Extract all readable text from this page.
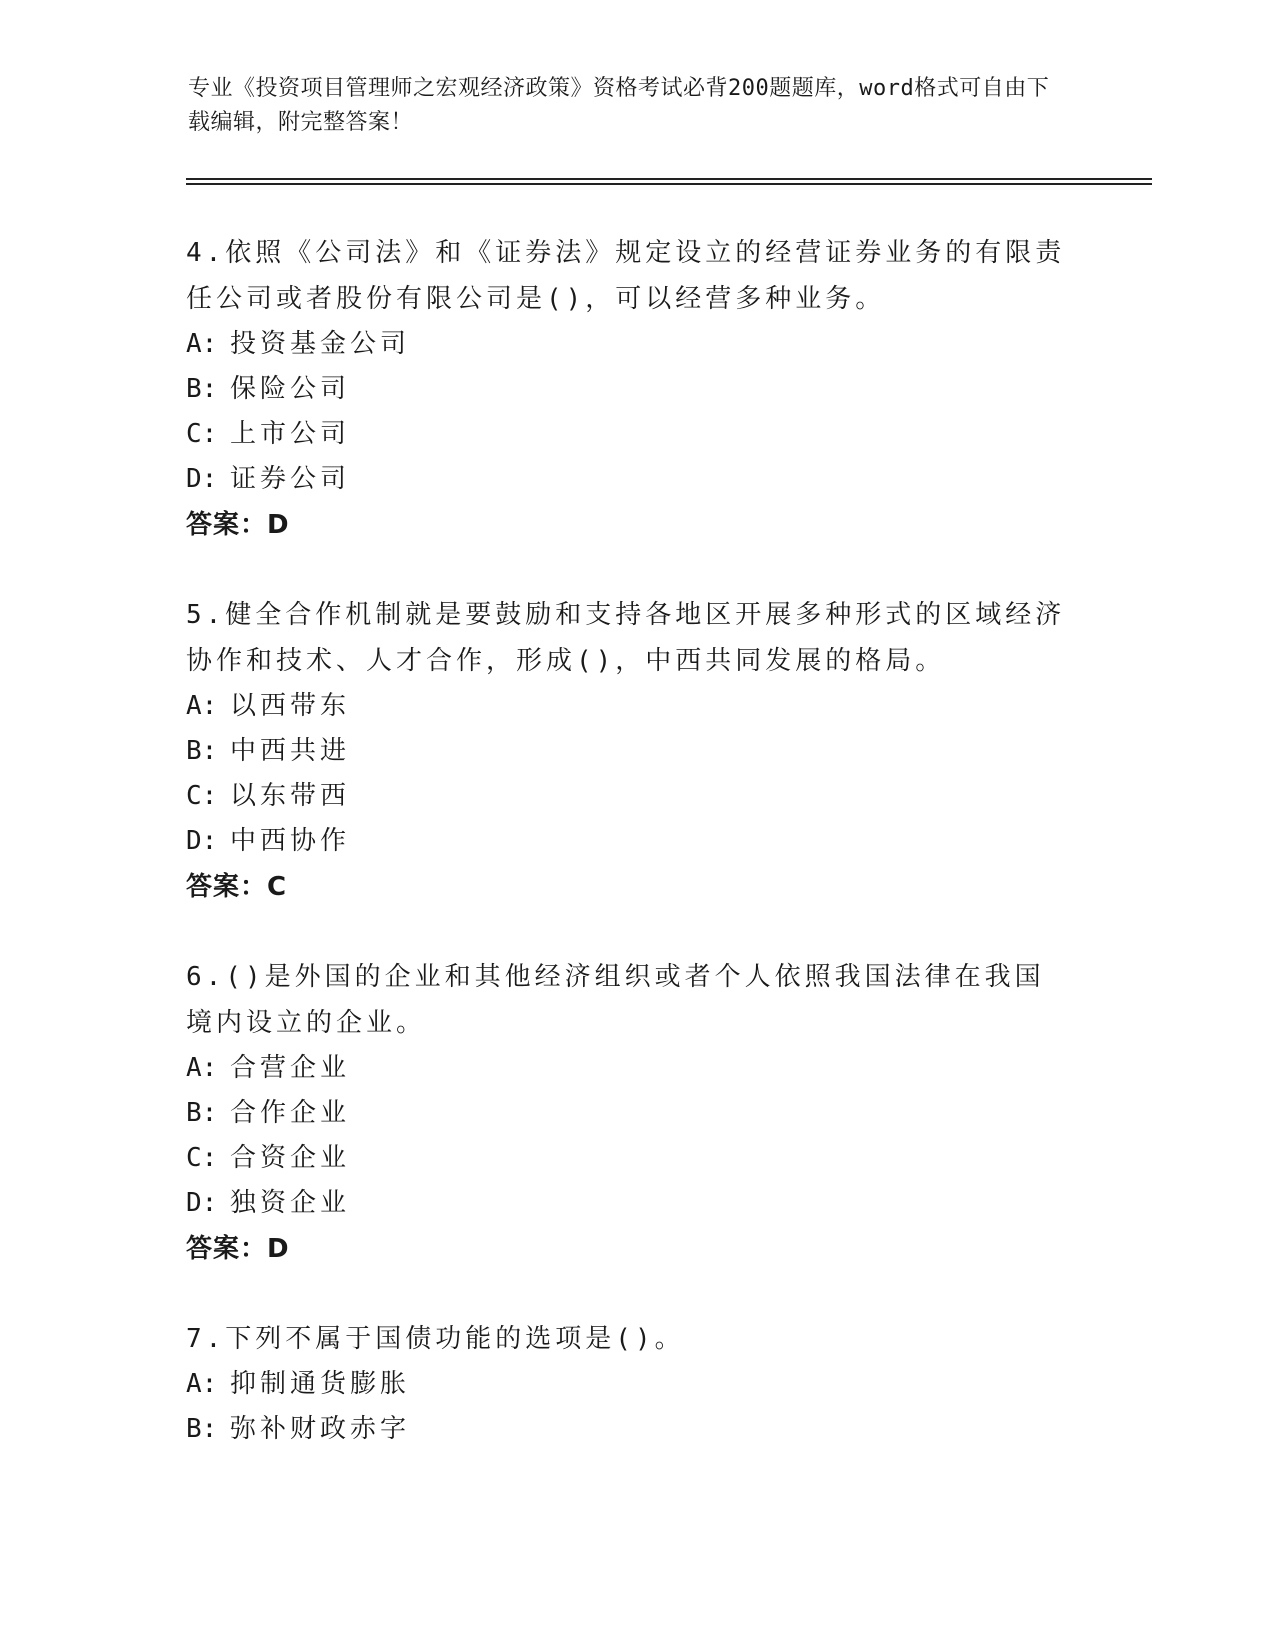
专业《投资项目管理师之宏观经济政策》资格考试必背200题题库，word格式可自由下载编辑，附完整答案！
4.依照《公司法》和《证券法》规定设立的经营证券业务的有限责任公司或者股份有限公司是()，可以经营多种业务。
A: 投资基金公司
B: 保险公司
C: 上市公司
D: 证券公司
答案：D
5.健全合作机制就是要鼓励和支持各地区开展多种形式的区域经济协作和技术、人才合作，形成()，中西共同发展的格局。
A: 以西带东
B: 中西共进
C: 以东带西
D: 中西协作
答案：C
6.()是外国的企业和其他经济组织或者个人依照我国法律在我国境内设立的企业。
A: 合营企业
B: 合作企业
C: 合资企业
D: 独资企业
答案：D
7.下列不属于国债功能的选项是()。
A: 抑制通货膨胀
B: 弥补财政赤字
